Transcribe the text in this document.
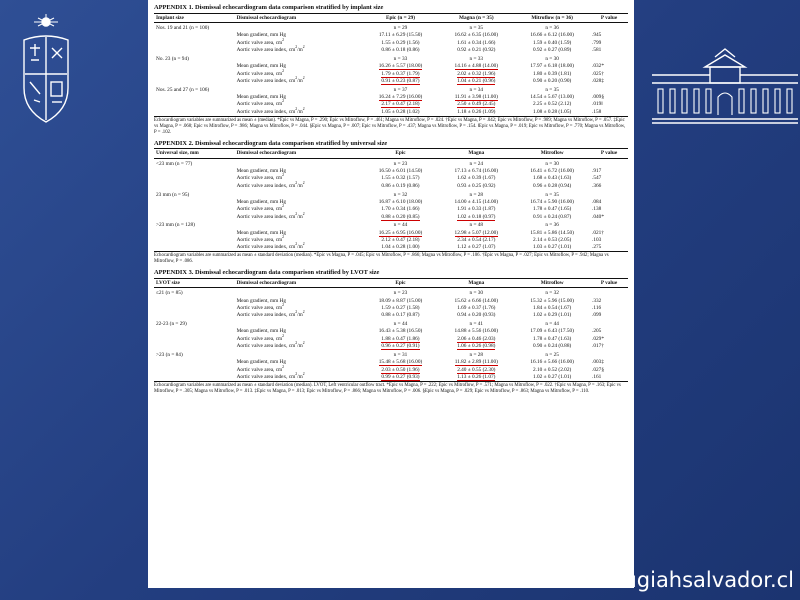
APPENDIX 1. Dismissal echocardiogram data comparison stratified by implant size
Implant size	Dismissal echocardiogram	Epic (n = 29)	Magna (n = 35)	Mitroflow (n = 36)	P value
Nos. 19 and 21 (n = 100)		n = 29	n = 35	n = 36	
	Mean gradient, mm Hg	17.11 ± 6.29 (15.50)	16.62 ± 6.35 (16.00)	16.66 ± 6.12 (16.00)	.945
	Aortic valve area, $cm^2$	1.55 ± 0.29 (1.56)	1.61 ± 0.34 (1.66)	1.59 ± 0.40 (1.59)	.799
	Aortic valve area index, $cm^2/m^2$	0.86 ± 0.18 (0.86)	0.92 ± 0.21 (0.92)	0.92 ± 0.27 (0.89)	.581
No. 23 (n = 94)		n = 33	n = 33	n = 30	
	Mean gradient, mm Hg	16.26 ± 5.57 (18.00)	14.16 ± 4.88 (14.00)	17.97 ± 6.18 (18.00)	.032*
	Aortic valve area, $cm^2$	1.79 ± 0.37 (1.79)	2.02 ± 0.32 (1.96)	1.80 ± 0.39 (1.81)	.025†
	Aortic valve area index, $cm^2/m^2$	0.91 ± 0.23 (0.87)	1.04 ± 0.21 (0.96)	0.90 ± 0.20 (0.90)	.028‡
Nos. 25 and 27 (n = 106)		n = 37	n = 34	n = 35	
	Mean gradient, mm Hg	16.24 ± 7.29 (16.00)	11.91 ± 3.98 (11.00)	14.54 ± 5.67 (13.00)	.009§
	Aortic valve area, $cm^2$	2.17 ± 0.47 (2.18)	2.50 ± 0.49 (2.45)	2.25 ± 0.52 (2.12)	.019‖
	Aortic valve area index, $cm^2/m^2$	1.05 ± 0.28 (1.02)	1.18 ± 0.26 (1.09)	1.08 ± 0.28 (1.05)	.158
Echocardiogram variables are summarized as mean ± (median). *Epic vs Magna, P = .290; Epic vs Mitroflow, P = .461; Magna vs Mitroflow, P = .024. †Epic vs Magna, P = .042; Epic vs Mitroflow, P = .989; Magna vs Mitroflow, P = .057. ‡Epic vs Magna, P = .068; Epic vs Mitroflow, P = .986; Magna vs Mitroflow, P = .044. §Epic vs Magna, P = .007; Epic vs Mitroflow, P = .437; Magna vs Mitroflow, P = .154. ‖Epic vs Magna, P = .019; Epic vs Mitroflow, P = .770; Magna vs Mitroflow, P = .102.
APPENDIX 2. Dismissal echocardiogram data comparison stratified by universal size
Universal size, mm	Dismissal echocardiogram	Epic	Magna	Mitroflow	P value
<23 mm (n = 77)		n = 23	n = 24	n = 30	
	Mean gradient, mm Hg	16.50 ± 6.01 (14.50)	17.13 ± 6.74 (16.00)	16.41 ± 6.72 (16.00)	.917
	Aortic valve area, $cm^2$	1.55 ± 0.32 (1.57)	1.62 ± 0.39 (1.67)	1.68 ± 0.43 (1.63)	.547
	Aortic valve area index, $cm^2/m^2$	0.86 ± 0.19 (0.86)	0.93 ± 0.25 (0.92)	0.96 ± 0.28 (0.94)	.366
23 mm (n = 95)		n = 32	n = 28	n = 35	
	Mean gradient, mm Hg	16.87 ± 6.10 (18.00)	14.00 ± 4.15 (14.00)	16.74 ± 5.90 (16.00)	.084
	Aortic valve area, $cm^2$	1.70 ± 0.34 (1.66)	1.91 ± 0.33 (1.87)	1.78 ± 0.47 (1.65)	.138
	Aortic valve area index, $cm^2/m^2$	0.88 ± 0.20 (0.85)	1.02 ± 0.18 (0.97)	0.91 ± 0.24 (0.87)	.040*
>23 mm (n = 128)		n = 44	n = 48	n = 36	
	Mean gradient, mm Hg	16.25 ± 6.95 (16.00)	12.98 ± 5.07 (12.00)	15.81 ± 5.86 (14.50)	.021†
	Aortic valve area, $cm^2$	2.12 ± 0.47 (2.18)	2.34 ± 0.54 (2.17)	2.14 ± 0.53 (2.05)	.103
	Aortic valve area index, $cm^2/m^2$	1.04 ± 0.28 (1.00)	1.12 ± 0.27 (1.07)	1.03 ± 0.27 (1.01)	.275
Echocardiogram variables are summarized as mean ± standard deviation (median). *Epic vs Magna, P = .045; Epic vs Mitroflow, P = .866; Magna vs Mitroflow, P = .106. †Epic vs Magna, P = .027; Epic vs Mitroflow, P = .942; Magna vs Mitroflow, P = .086.
APPENDIX 3. Dismissal echocardiogram data comparison stratified by LVOT size
LVOT size	Dismissal echocardiogram	Epic	Magna	Mitroflow	P value
≤21 (n = 85)		n = 23	n = 30	n = 32	
	Mean gradient, mm Hg	18.09 ± 8.87 (15.00)	15.62 ± 6.66 (14.00)	15.32 ± 5.96 (15.00)	.332
	Aortic valve area, $cm^2$	1.59 ± 0.27 (1.58)	1.69 ± 0.37 (1.76)	1.84 ± 0.54 (1.67)	.116
	Aortic valve area index, $cm^2/m^2$	0.88 ± 0.17 (0.87)	0.94 ± 0.20 (0.93)	1.02 ± 0.29 (1.01)	.099
22-23 (n = 29)		n = 44	n = 41	n = 44	
	Mean gradient, mm Hg	16.43 ± 5.38 (16.50)	14.88 ± 5.56 (16.00)	17.09 ± 6.43 (17.50)	.205
	Aortic valve area, $cm^2$	1.88 ± 0.47 (1.86)	2.06 ± 0.46 (2.03)	1.78 ± 0.47 (1.63)	.029*
	Aortic valve area index, $cm^2/m^2$	0.96 ± 0.27 (0.91)	1.06 ± 0.26 (0.98)	0.90 ± 0.24 (0.88)	.017†
>23 (n = 84)		n = 31	n = 28	n = 25	
	Mean gradient, mm Hg	15.48 ± 5.68 (16.00)	11.82 ± 2.89 (11.00)	16.16 ± 5.66 (16.00)	.003‡
	Aortic valve area, $cm^2$	2.03 ± 0.50 (1.96)	2.40 ± 0.55 (2.30)	2.10 ± 0.52 (2.02)	.027§
	Aortic valve area index, $cm^2/m^2$	0.99 ± 0.27 (0.93)	1.13 ± 0.26 (1.07)	1.02 ± 0.27 (1.01)	.161
Echocardiogram variables are summarized as mean ± standard deviation (median). LVOT, Left ventricular outflow tract. *Epic vs Magna, P = .222; Epic vs Mitroflow, P = .571; Magna vs Mitroflow, P = .022. †Epic vs Magna, P = .163; Epic vs Mitroflow, P = .305; Magna vs Mitroflow, P = .013. ‡Epic vs Magna, P = .013; Epic vs Mitroflow, P = .866; Magna vs Mitroflow, P = .006. §Epic vs Magna, P = .029; Epic vs Mitroflow, P = .863; Magna vs Mitroflow, P = .110.
cirugiahsalvador.cl
